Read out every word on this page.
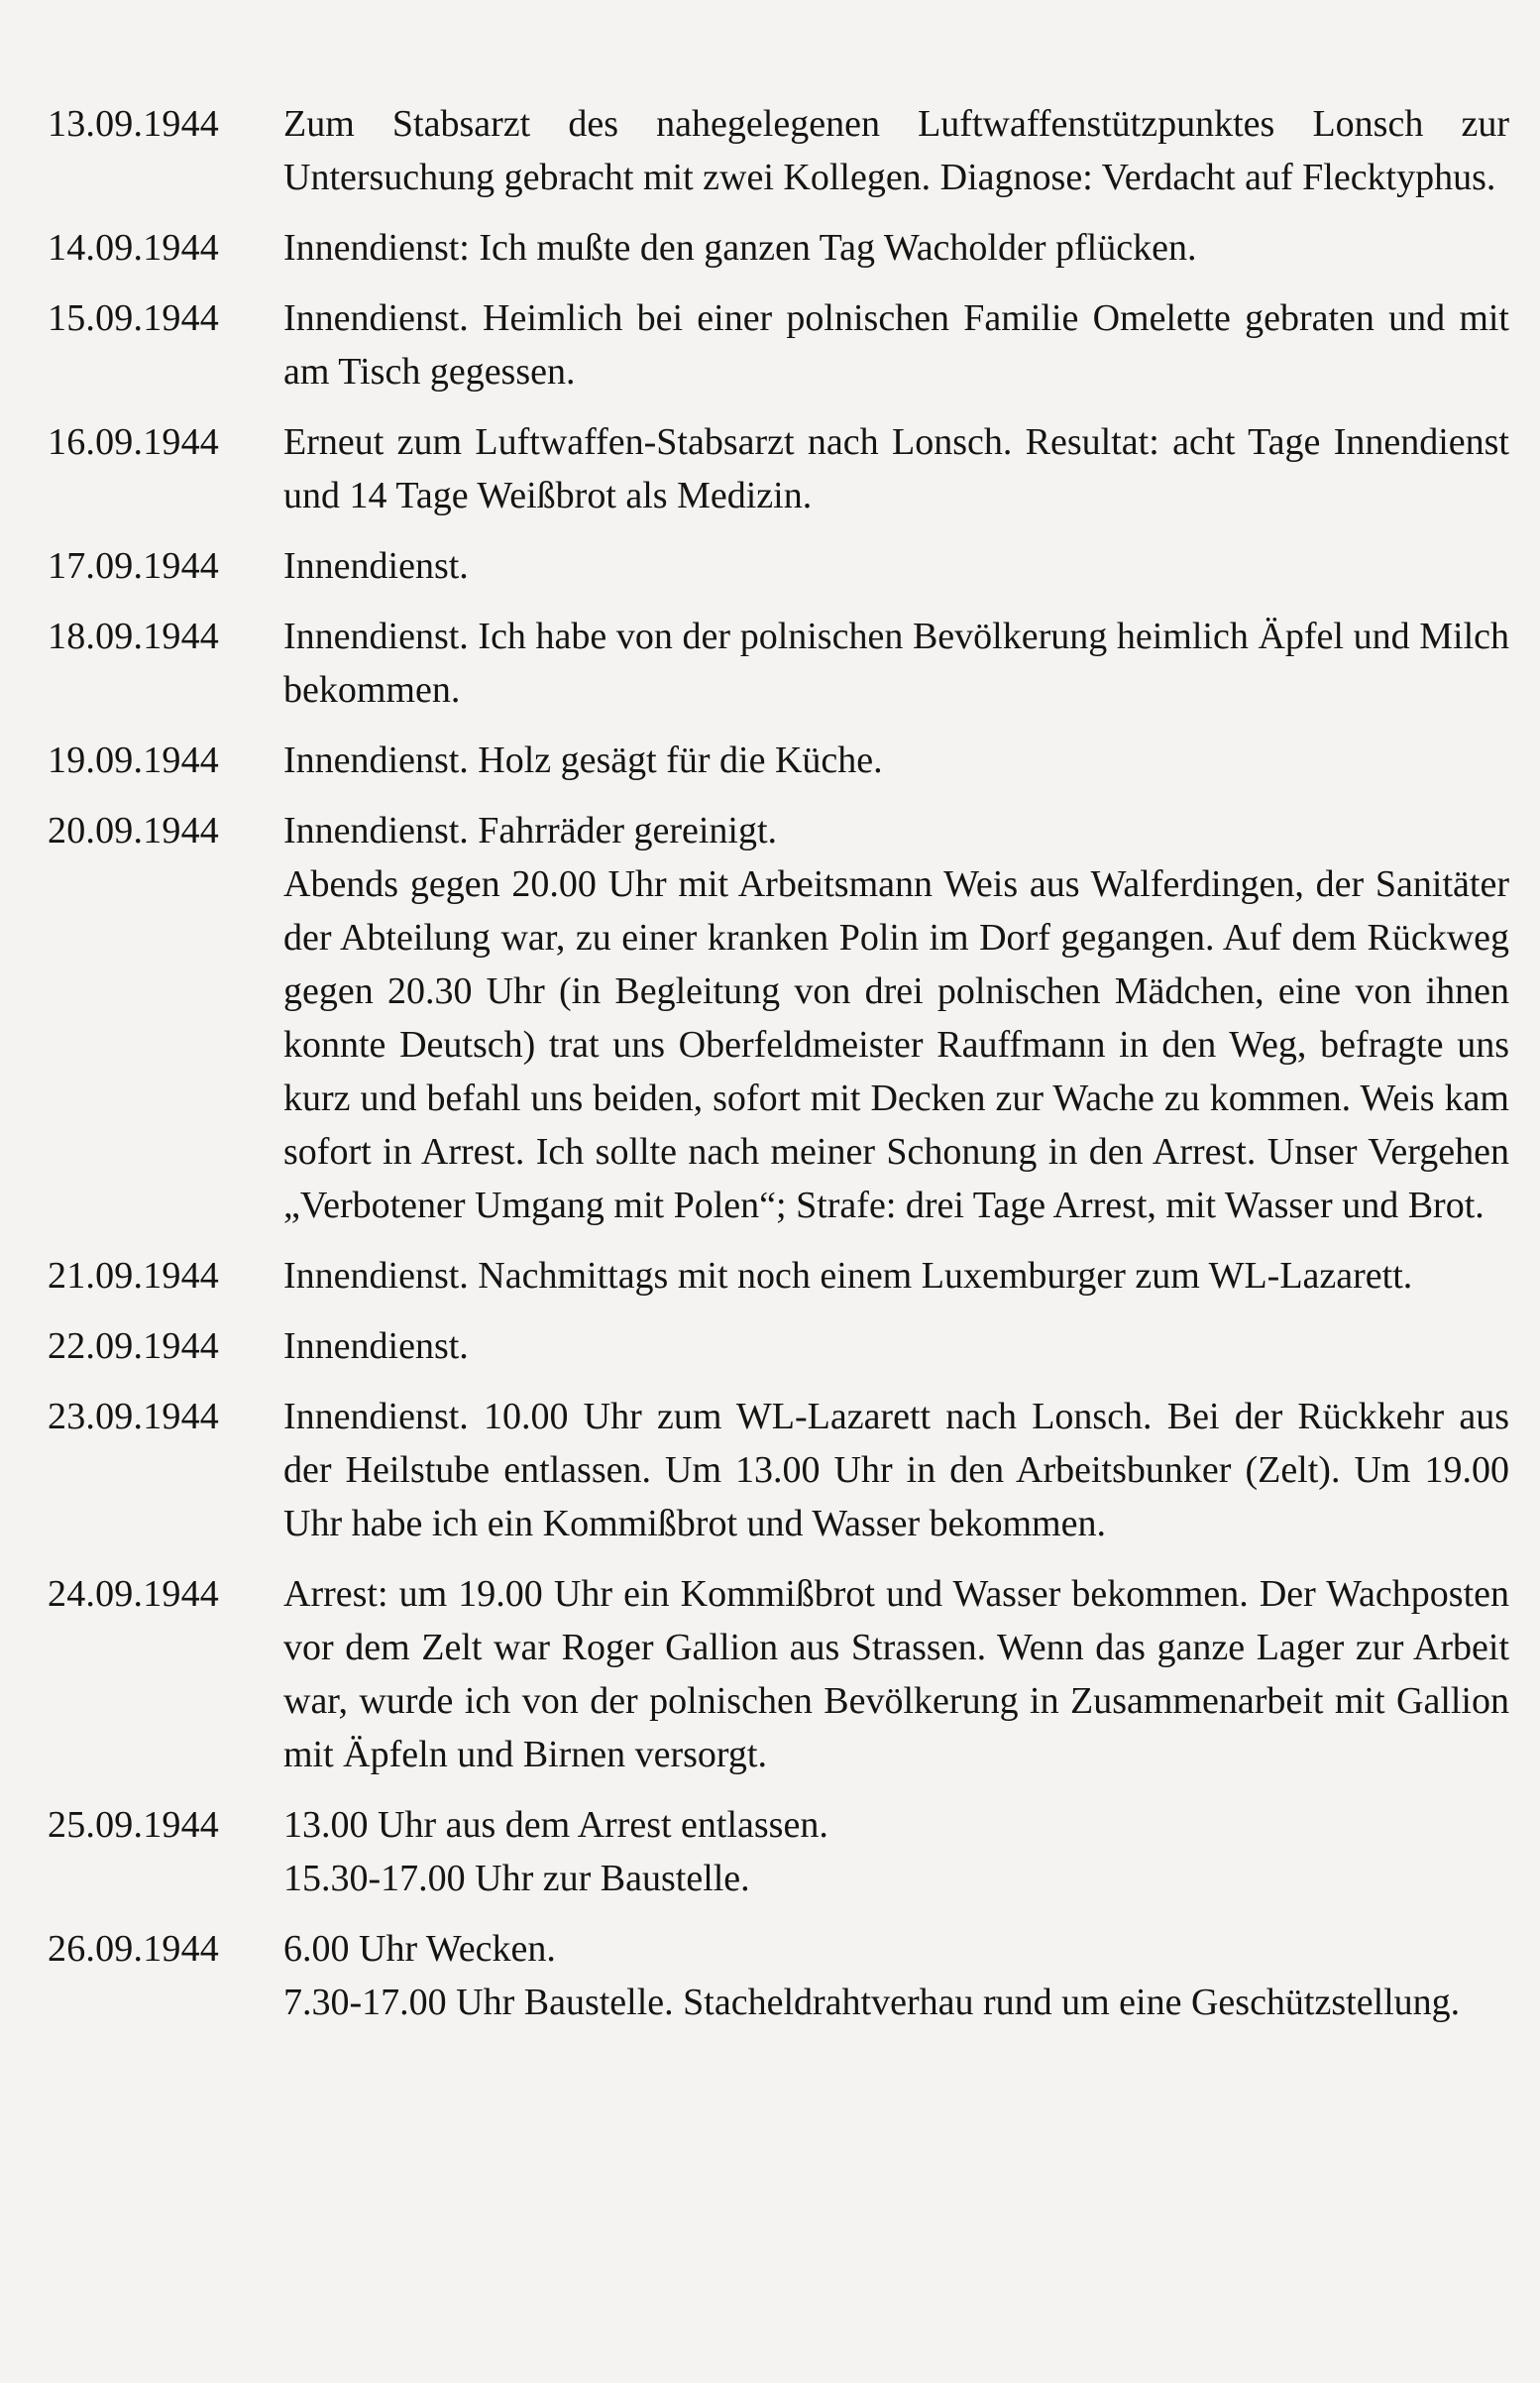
13.09.1944	Zum Stabsarzt des nahegelegenen Luftwaffenstützpunktes Lonsch zur Untersuchung gebracht mit zwei Kollegen. Diagnose: Verdacht auf Flecktyphus.

14.09.1944	Innendienst: Ich mußte den ganzen Tag Wacholder pflücken.

15.09.1944	Innendienst. Heimlich bei einer polnischen Familie Omelette gebraten und mit am Tisch gegessen.

16.09.1944	Erneut zum Luftwaffen-Stabsarzt nach Lonsch. Resultat: acht Tage Innendienst und 14 Tage Weißbrot als Medizin.

17.09.1944	Innendienst.

18.09.1944	Innendienst. Ich habe von der polnischen Bevölkerung heimlich Äpfel und Milch bekommen.

19.09.1944	Innendienst. Holz gesägt für die Küche.

20.09.1944	Innendienst. Fahrräder gereinigt.

Abends gegen 20.00 Uhr mit Arbeitsmann Weis aus Walferdingen, der Sanitäter der Abteilung war, zu einer kranken Polin im Dorf gegangen. Auf dem Rückweg gegen 20.30 Uhr (in Begleitung von drei polnischen Mädchen, eine von ihnen konnte Deutsch) trat uns Oberfeldmeister Rauffmann in den Weg, befragte uns kurz und befahl uns beiden, sofort mit Decken zur Wache zu kommen. Weis kam sofort in Arrest. Ich sollte nach meiner Schonung in den Arrest. Unser Vergehen „Verbotener Umgang mit Polen“; Strafe: drei Tage Arrest, mit Wasser und Brot.

21.09.1944	Innendienst. Nachmittags mit noch einem Luxemburger zum WL-Lazarett.

22.09.1944	Innendienst.

23.09.1944	Innendienst. 10.00 Uhr zum WL-Lazarett nach Lonsch. Bei der Rückkehr aus der Heilstube entlassen. Um 13.00 Uhr in den Arbeitsbunker (Zelt). Um 19.00 Uhr habe ich ein Kommißbrot und Wasser bekommen.

24.09.1944	Arrest: um 19.00 Uhr ein Kommißbrot und Wasser bekommen. Der Wachposten vor dem Zelt war Roger Gallion aus Strassen. Wenn das ganze Lager zur Arbeit war, wurde ich von der polnischen Bevölkerung in Zusammenarbeit mit Gallion mit Äpfeln und Birnen versorgt.

25.09.1944	13.00 Uhr aus dem Arrest entlassen.

15.30-17.00 Uhr zur Baustelle.

26.09.1944	6.00 Uhr Wecken.

7.30-17.00 Uhr Baustelle. Stacheldrahtverhau rund um eine Geschützstellung.
